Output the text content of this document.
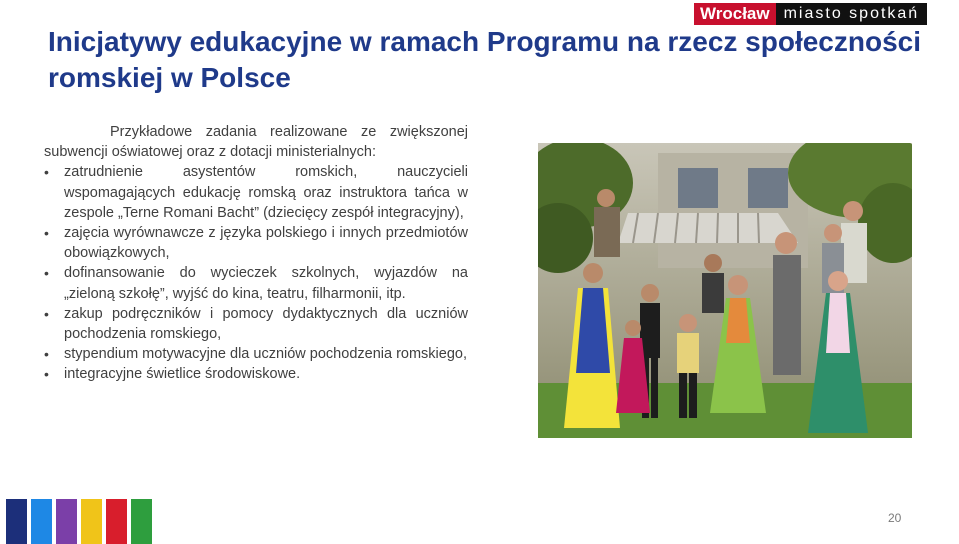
Wrocław miasto spotkań
Inicjatywy edukacyjne w ramach Programu na rzecz społeczności romskiej w Polsce

Przykładowe zadania realizowane ze zwiększonej subwencji oświatowej oraz z dotacji ministerialnych:

• zatrudnienie asystentów romskich, nauczycieli wspomagających edukację romską oraz instruktora tańca w zespole „Terne Romani Bacht” (dziecięcy zespół integracyjny),
• zajęcia wyrównawcze z języka polskiego i innych przedmiotów obowiązkowych,
• dofinansowanie do wycieczek szkolnych, wyjazdów na „zieloną szkołę”, wyjść do kina, teatru, filharmonii, itp.
• zakup podręczników i pomocy dydaktycznych dla uczniów pochodzenia romskiego,
• stypendium motywacyjne dla uczniów pochodzenia romskiego,
• integracyjne świetlice środowiskowe.
20
